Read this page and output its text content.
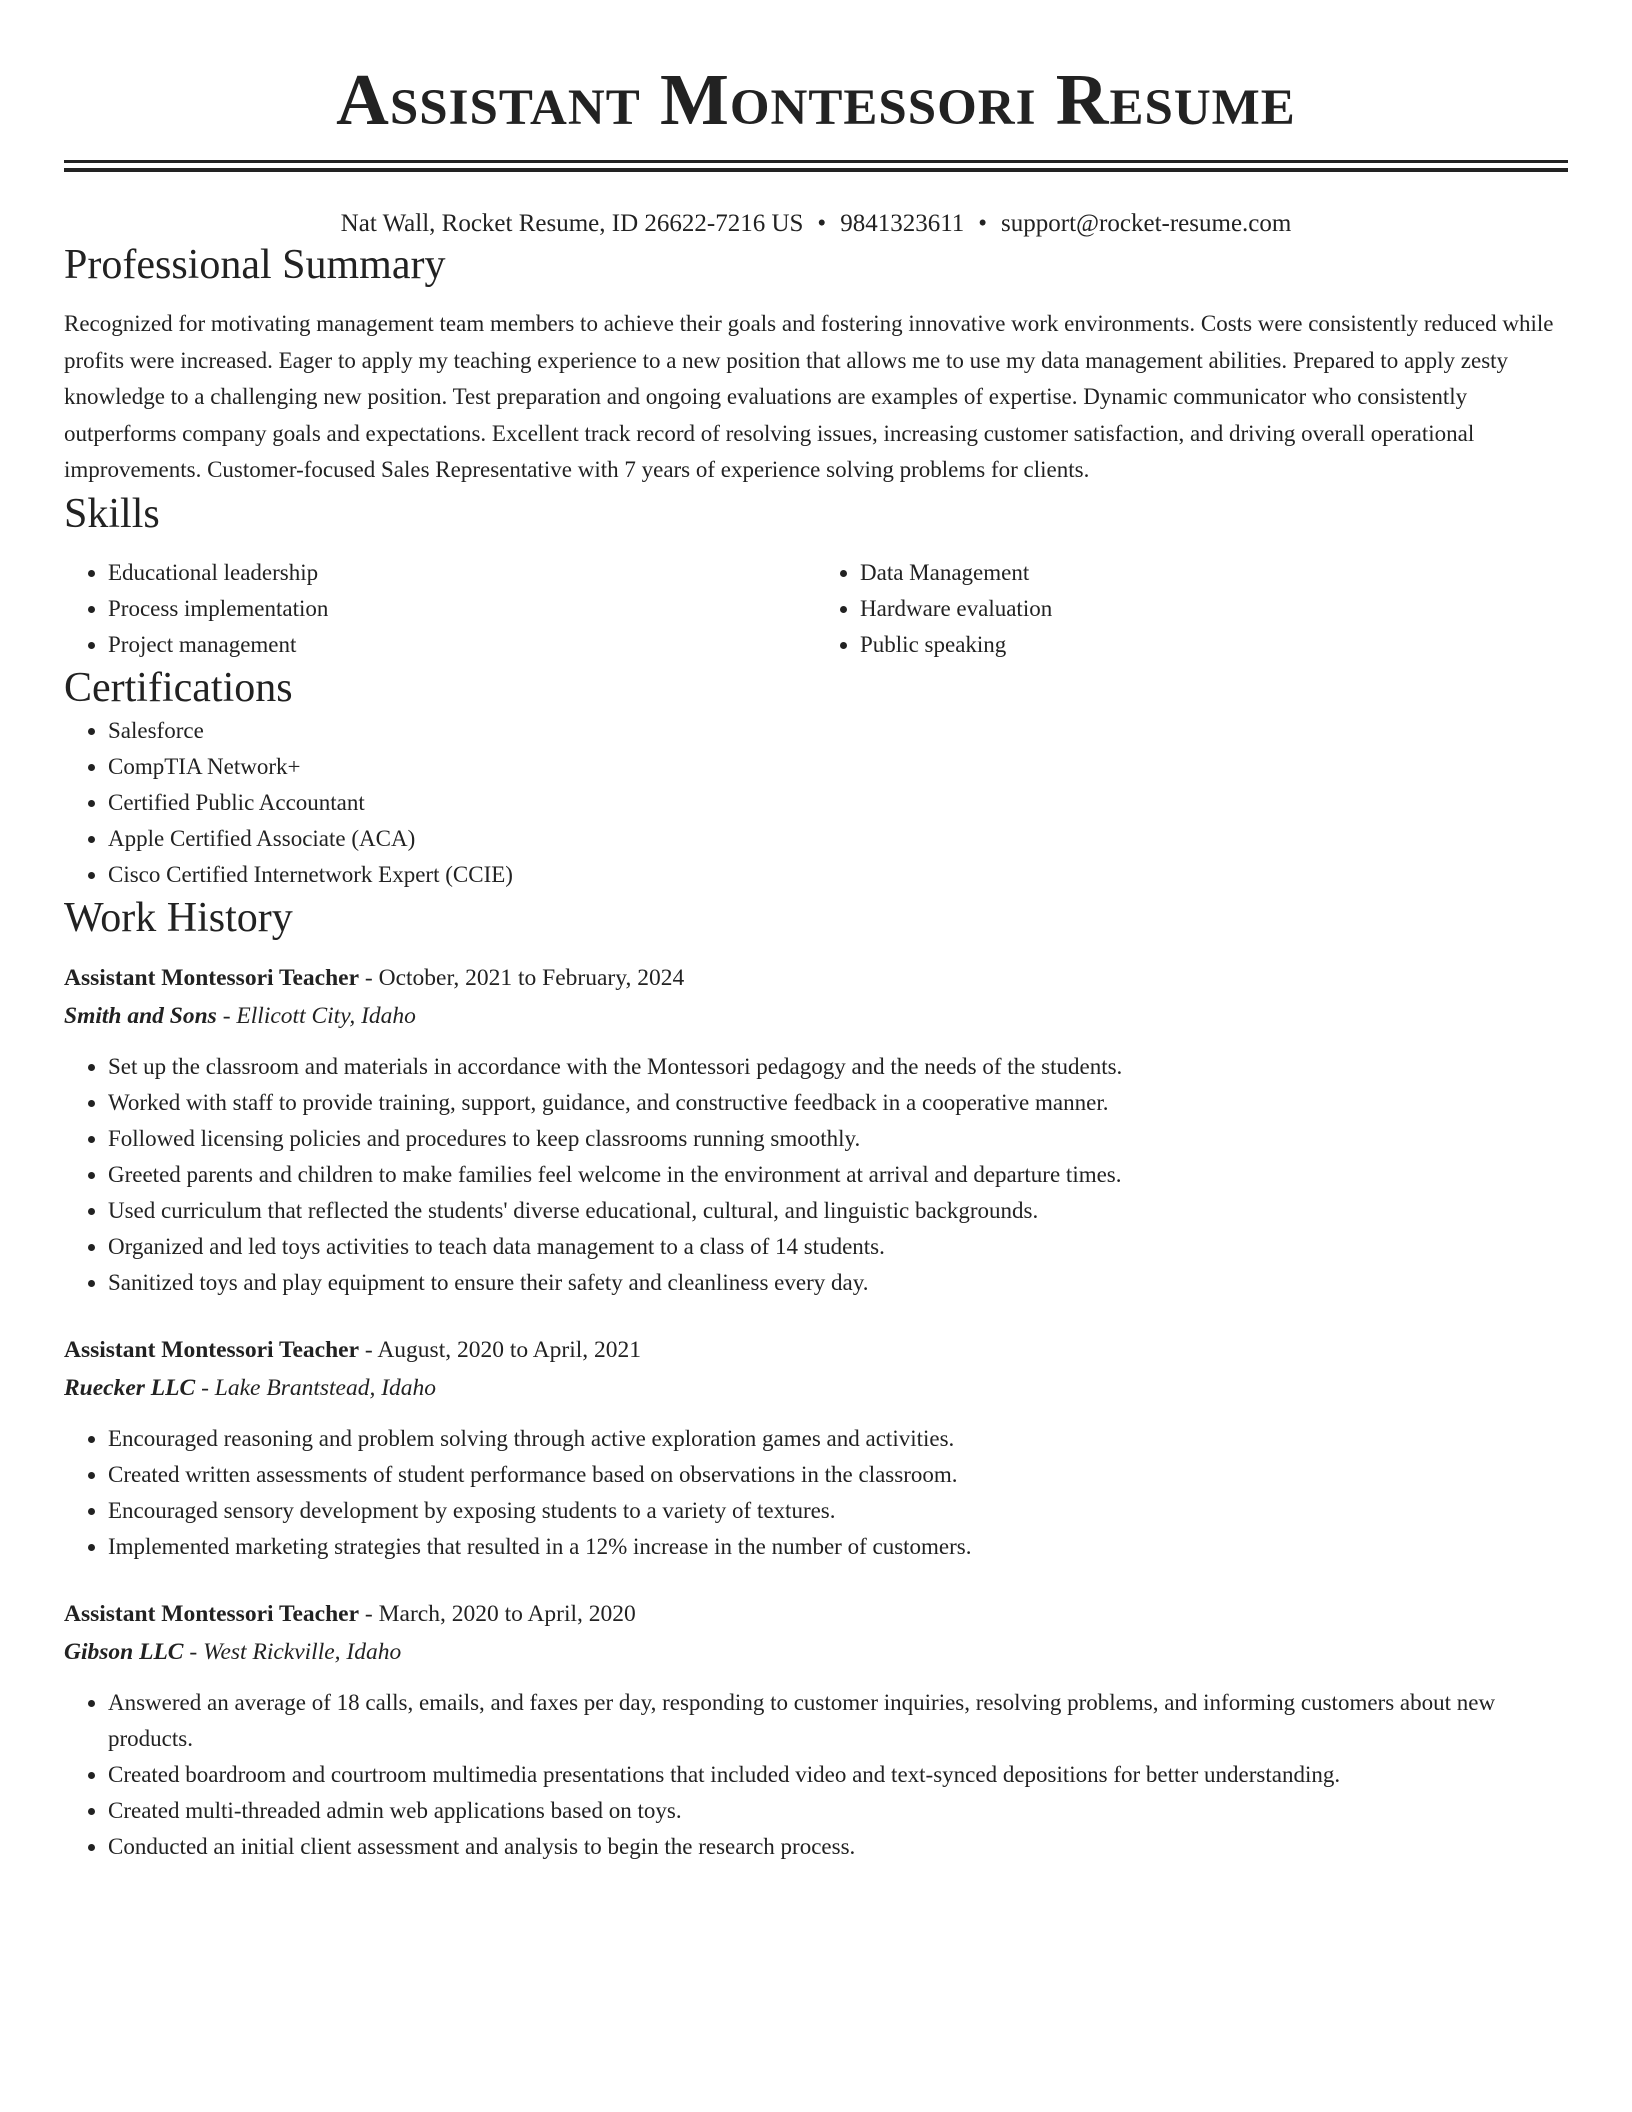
Assistant Montessori Resume
Nat Wall, Rocket Resume, ID 26622-7216 US • 9841323611 • support@rocket-resume.com
Professional Summary

Recognized for motivating management team members to achieve their goals and fostering innovative work environments. Costs were consistently reduced while profits were increased. Eager to apply my teaching experience to a new position that allows me to use my data management abilities. Prepared to apply zesty knowledge to a challenging new position. Test preparation and ongoing evaluations are examples of expertise. Dynamic communicator who consistently outperforms company goals and expectations. Excellent track record of resolving issues, increasing customer satisfaction, and driving overall operational improvements. Customer-focused Sales Representative with 7 years of experience solving problems for clients.

Skills
• Educational leadership
• Process implementation
• Project management
• Data Management
• Hardware evaluation
• Public speaking
Certifications
• Salesforce
• CompTIA Network+
• Certified Public Accountant
• Apple Certified Associate (ACA)
• Cisco Certified Internetwork Expert (CCIE)
Work History
Assistant Montessori Teacher - October, 2021 to February, 2024
Smith and Sons - Ellicott City, Idaho
• Set up the classroom and materials in accordance with the Montessori pedagogy and the needs of the students.
• Worked with staff to provide training, support, guidance, and constructive feedback in a cooperative manner.
• Followed licensing policies and procedures to keep classrooms running smoothly.
• Greeted parents and children to make families feel welcome in the environment at arrival and departure times.
• Used curriculum that reflected the students' diverse educational, cultural, and linguistic backgrounds.
• Organized and led toys activities to teach data management to a class of 14 students.
• Sanitized toys and play equipment to ensure their safety and cleanliness every day.
Assistant Montessori Teacher - August, 2020 to April, 2021
Ruecker LLC - Lake Brantstead, Idaho
• Encouraged reasoning and problem solving through active exploration games and activities.
• Created written assessments of student performance based on observations in the classroom.
• Encouraged sensory development by exposing students to a variety of textures.
• Implemented marketing strategies that resulted in a 12% increase in the number of customers.
Assistant Montessori Teacher - March, 2020 to April, 2020
Gibson LLC - West Rickville, Idaho
• Answered an average of 18 calls, emails, and faxes per day, responding to customer inquiries, resolving problems, and informing customers about new products.
• Created boardroom and courtroom multimedia presentations that included video and text-synced depositions for better understanding.
• Created multi-threaded admin web applications based on toys.
• Conducted an initial client assessment and analysis to begin the research process.
